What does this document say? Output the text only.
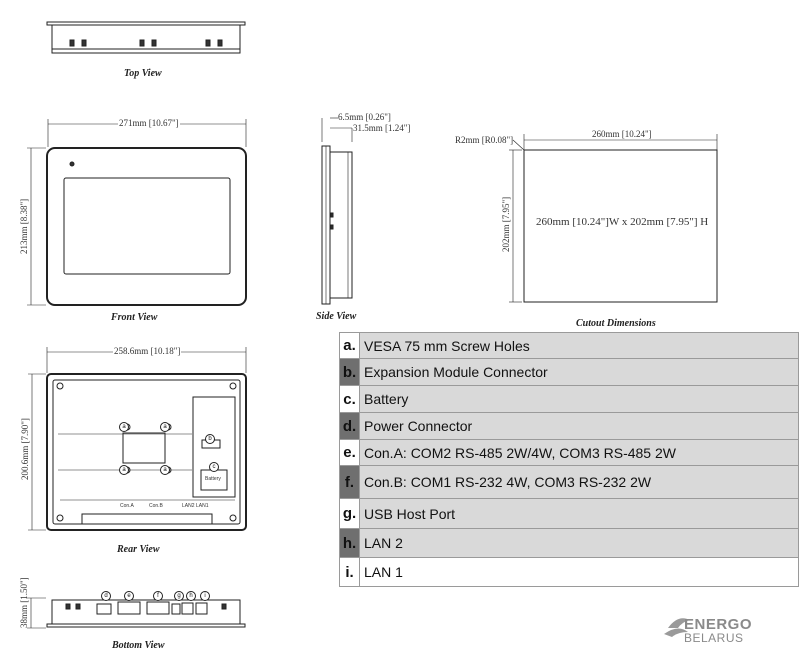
Top View
Front View	Side View
Cutout Dimensions
Rear View
Bottom View
271mm [10.67"]
213mm [8.38"]
6.5mm [0.26"]
31.5mm [1.24"]
R2mm [R0.08"]
260mm [10.24"]
202mm [7.95"] 260mm [10.24"]W x 202mm [7.95"] H
258.6mm [10.18"]
200.6mm [7.90"]
38mm [1.50"]
Con.A	Con.B	LAN2 LAN1
Battery
a	a
a	a
b
c
d	e	f	g	h	i
a.	VESA 75 mm Screw Holes
b.	Expansion Module Connector
c.	Battery
d.	Power Connector
e.	Con.A: COM2 RS-485 2W/4W, COM3 RS-485 2W
f.	Con.B: COM1 RS-232 4W, COM3 RS-232 2W
g.	USB Host Port
h.	LAN 2
i.	LAN 1
ENERGO
BELARUS
